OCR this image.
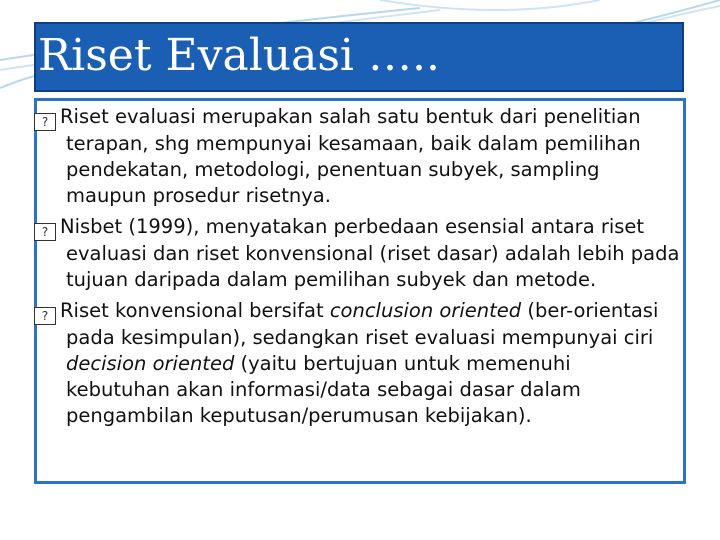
Riset Evaluasi …..
? Riset evaluasi merupakan salah satu bentuk dari penelitian terapan, shg mempunyai kesamaan, baik dalam pemilihan pendekatan, metodologi, penentuan subyek, sampling maupun prosedur risetnya.
? Nisbet (1999), menyatakan perbedaan esensial antara riset evaluasi dan riset konvensional (riset dasar) adalah lebih pada tujuan daripada dalam pemilihan subyek dan metode.
? Riset konvensional bersifat conclusion oriented (ber-orientasi pada kesimpulan), sedangkan riset evaluasi mempunyai ciri decision oriented (yaitu bertujuan untuk memenuhi kebutuhan akan informasi/data sebagai dasar dalam pengambilan keputusan/perumusan kebijakan).
